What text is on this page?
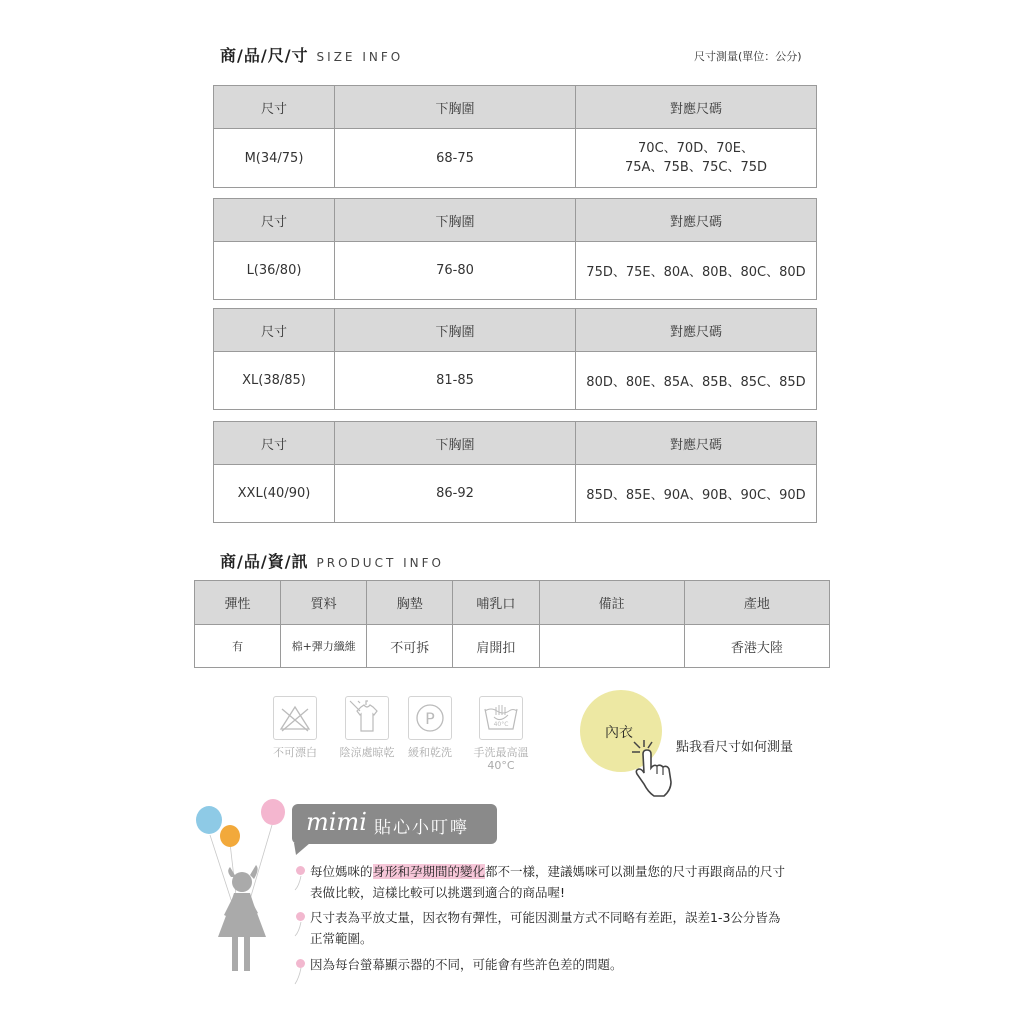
商/品/尺/寸 SIZE INFO	尺寸測量(單位：公分)
尺寸	下胸圍	對應尺碼
M(34/75)	68-75	70C、70D、70E、
75A、75B、75C、75D
尺寸	下胸圍	對應尺碼
L(36/80)	76-80	75D、75E、80A、80B、80C、80D
尺寸	下胸圍	對應尺碼
XL(38/85)	81-85	80D、80E、85A、85B、85C、85D
尺寸	下胸圍	對應尺碼
XXL(40/90)	86-92	85D、85E、90A、90B、90C、90D
商/品/資/訊 PRODUCT INFO
彈性	質料	胸墊	哺乳口	備註	產地
有	棉+彈力纖維	不可拆	肩開扣		香港大陸
不可漂白	陰涼處晾乾
P
緩和乾洗
40°C
手洗最高溫
40°C
內衣
點我看尺寸如何測量
mimi 貼心小叮嚀
每位媽咪的身形和孕期間的變化都不一樣，建議媽咪可以測量您的尺寸再跟商品的尺寸
表做比較，這樣比較可以挑選到適合的商品喔!
尺寸表為平放丈量，因衣物有彈性，可能因測量方式不同略有差距，誤差1-3公分皆為
正常範圍。
因為每台螢幕顯示器的不同，可能會有些許色差的問題。
